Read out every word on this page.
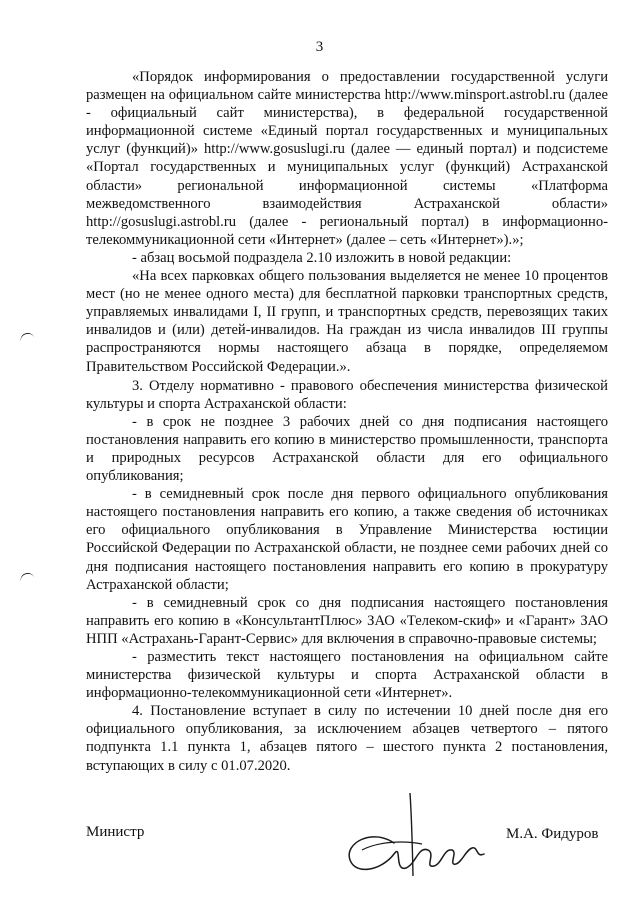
3

«Порядок информирования о предоставлении государственной услуги размещен на официальном сайте министерства http://www.minsport.astrobl.ru (далее - официальный сайт министерства), в федеральной государственной информационной системе «Единый портал государственных и муниципальных услуг (функций)» http://www.gosuslugi.ru (далее — единый портал) и подсистеме «Портал государственных и муниципальных услуг (функций) Астраханской области» региональной информационной системы «Платформа межведомственного взаимодействия Астраханской области» http://gosuslugi.astrobl.ru (далее - региональный портал) в информационно-телекоммуникационной сети «Интернет» (далее – сеть «Интернет»).»;

- абзац восьмой подраздела 2.10 изложить в новой редакции:

«На всех парковках общего пользования выделяется не менее 10 процентов мест (но не менее одного места) для бесплатной парковки транспортных средств, управляемых инвалидами I, II групп, и транспортных средств, перевозящих таких инвалидов и (или) детей-инвалидов. На граждан из числа инвалидов III группы распространяются нормы настоящего абзаца в порядке, определяемом Правительством Российской Федерации.».

3. Отделу нормативно - правового обеспечения министерства физической культуры и спорта Астраханской области:

- в срок не позднее 3 рабочих дней со дня подписания настоящего постановления направить его копию в министерство промышленности, транспорта и природных ресурсов Астраханской области для его официального опубликования;

- в семидневный срок после дня первого официального опубликования настоящего постановления направить его копию, а также сведения об источниках его официального опубликования в Управление Министерства юстиции Российской Федерации по Астраханской области, не позднее семи рабочих дней со дня подписания настоящего постановления направить его копию в прокуратуру Астраханской области;

- в семидневный срок со дня подписания настоящего постановления направить его копию в «КонсультантПлюс» ЗАО «Телеком-скиф» и «Гарант» ЗАО НПП «Астрахань-Гарант-Сервис» для включения в справочно-правовые системы;

- разместить текст настоящего постановления на официальном сайте министерства физической культуры и спорта Астраханской области в информационно-телекоммуникационной сети «Интернет».

4. Постановление вступает в силу по истечении 10 дней после дня его официального опубликования, за исключением абзацев четвертого – пятого подпункта 1.1 пункта 1, абзацев пятого – шестого пункта 2 постановления, вступающих в силу с 01.07.2020.

Министр	М.А. Фидуров
